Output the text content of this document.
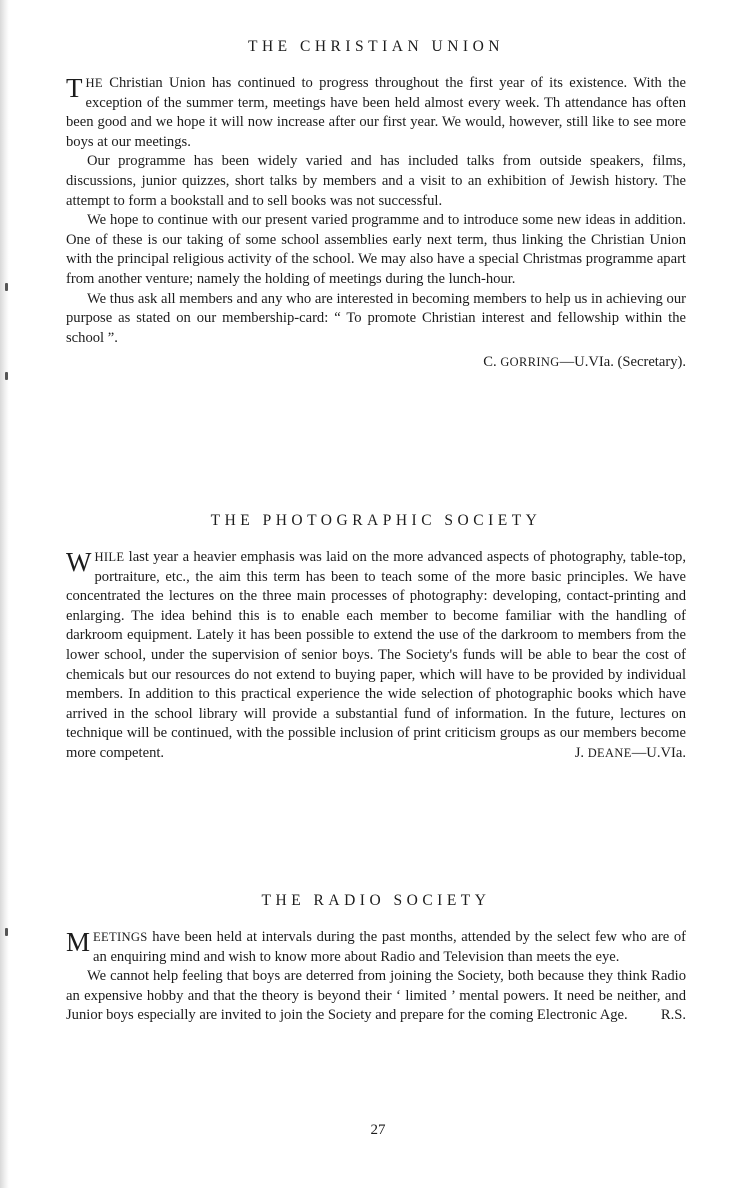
THE CHRISTIAN UNION

THE Christian Union has continued to progress throughout the first year of its existence. With the exception of the summer term, meetings have been held almost every week. Th attendance has often been good and we hope it will now increase after our first year. We would, however, still like to see more boys at our meetings.

Our programme has been widely varied and has included talks from outside speakers, films, discussions, junior quizzes, short talks by members and a visit to an exhibition of Jewish history. The attempt to form a bookstall and to sell books was not successful.

We hope to continue with our present varied programme and to introduce some new ideas in addition. One of these is our taking of some school assemblies early next term, thus linking the Christian Union with the principal religious activity of the school. We may also have a special Christmas programme apart from another venture; namely the holding of meetings during the lunch-hour.

We thus ask all members and any who are interested in becoming members to help us in achieving our purpose as stated on our membership-card: “ To promote Christian interest and fellowship within the school ”.

C. GORRING—U.VIa. (Secretary).
THE PHOTOGRAPHIC SOCIETY

WHILE last year a heavier emphasis was laid on the more advanced aspects of photography, table-top, portraiture, etc., the aim this term has been to teach some of the more basic principles. We have concentrated the lectures on the three main processes of photography: developing, contact-printing and enlarging. The idea behind this is to enable each member to become familiar with the handling of darkroom equipment. Lately it has been possible to extend the use of the darkroom to members from the lower school, under the supervision of senior boys. The Society's funds will be able to bear the cost of chemicals but our resources do not extend to buying paper, which will have to be provided by individual members. In addition to this practical experience the wide selection of photographic books which have arrived in the school library will provide a substantial fund of information. In the future, lectures on technique will be continued, with the possible inclusion of print criticism groups as our members become more competent.	J. DEANE—U.VIa.

THE RADIO SOCIETY

MEETINGS have been held at intervals during the past months, attended by the select few who are of an enquiring mind and wish to know more about Radio and Television than meets the eye.

We cannot help feeling that boys are deterred from joining the Society, both because they think Radio an expensive hobby and that the theory is beyond their ‘ limited ’ mental powers. It need be neither, and Junior boys especially are invited to join the Society and prepare for the coming Electronic Age.	R.S.

27
